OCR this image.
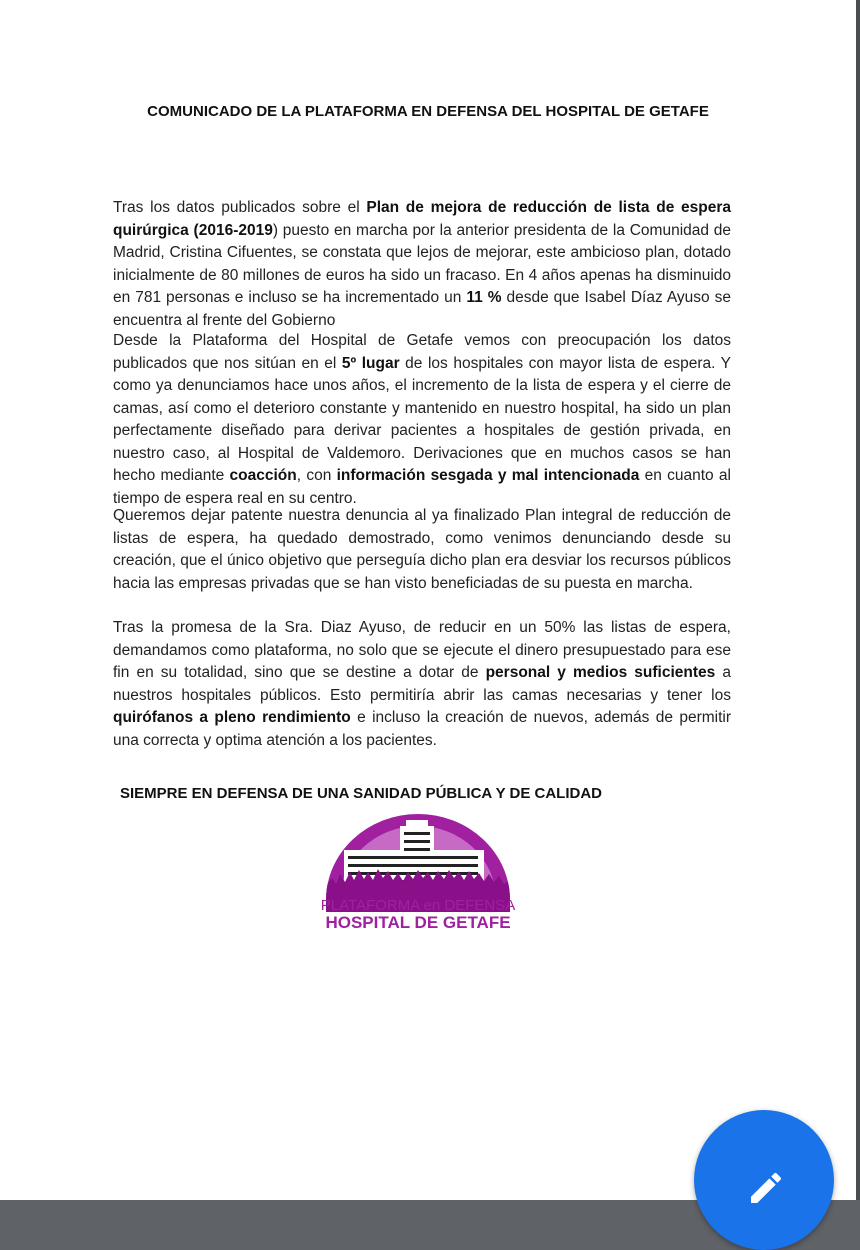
COMUNICADO DE LA PLATAFORMA EN DEFENSA DEL HOSPITAL DE GETAFE
Tras los datos publicados sobre el Plan de mejora de reducción de lista de espera quirúrgica (2016-2019) puesto en marcha por la anterior presidenta de la Comunidad de Madrid, Cristina Cifuentes, se constata que lejos de mejorar, este ambicioso plan, dotado inicialmente de 80 millones de euros ha sido un fracaso. En 4 años apenas ha disminuido en 781 personas e incluso se ha incrementado un 11 % desde que Isabel Díaz Ayuso se encuentra al frente del Gobierno
Desde la Plataforma del Hospital de Getafe vemos con preocupación los datos publicados que nos sitúan en el 5º lugar de los hospitales con mayor lista de espera. Y como ya denunciamos hace unos años, el incremento de la lista de espera y el cierre de camas, así como el deterioro constante y mantenido en nuestro hospital, ha sido un plan perfectamente diseñado para derivar pacientes a hospitales de gestión privada, en nuestro caso, al Hospital de Valdemoro. Derivaciones que en muchos casos se han hecho mediante coacción, con información sesgada y mal intencionada en cuanto al tiempo de espera real en su centro.
Queremos dejar patente nuestra denuncia al ya finalizado Plan integral de reducción de listas de espera, ha quedado demostrado, como venimos denunciando desde su creación, que el único objetivo que perseguía dicho plan era desviar los recursos públicos hacia las empresas privadas que se han visto beneficiadas de su puesta en marcha.
Tras la promesa de la Sra. Diaz Ayuso, de reducir en un 50% las listas de espera, demandamos como plataforma, no solo que se ejecute el dinero presupuestado para ese fin en su totalidad, sino que se destine a dotar de personal y medios suficientes a nuestros hospitales públicos. Esto permitiría abrir las camas necesarias y tener los quirófanos a pleno rendimiento e incluso la creación de nuevos, además de permitir una correcta y optima atención a los pacientes.
SIEMPRE EN DEFENSA DE UNA SANIDAD PÚBLICA Y DE CALIDAD
PLATAFORMA en DEFENSA
HOSPITAL DE GETAFE
